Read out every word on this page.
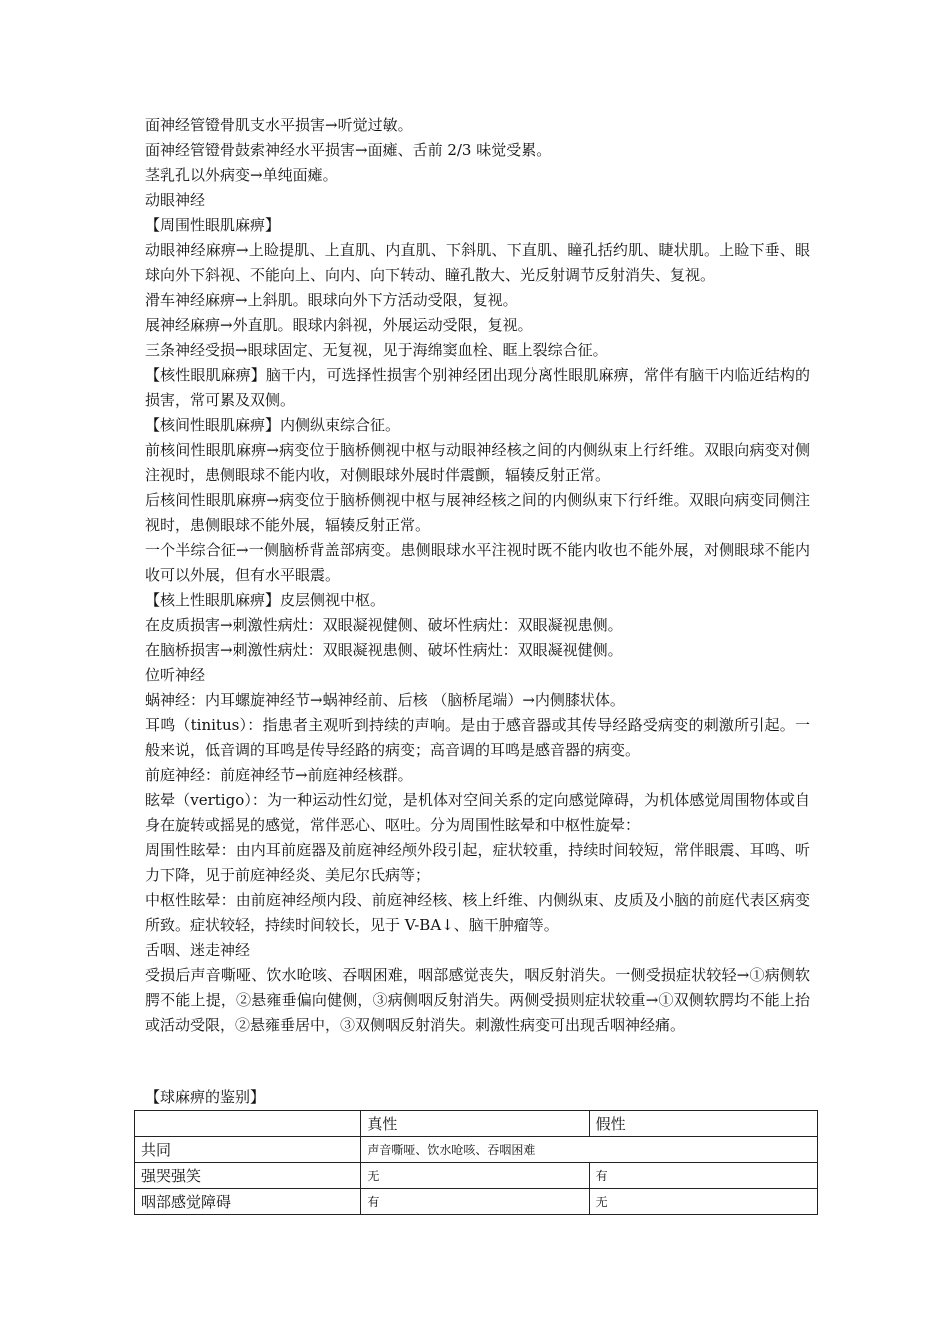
面神经管镫骨肌支水平损害→听觉过敏。
面神经管镫骨鼓索神经水平损害→面瘫、舌前 2/3 味觉受累。
茎乳孔以外病变→单纯面瘫。
动眼神经
【周围性眼肌麻痹】
动眼神经麻痹→上睑提肌、上直肌、内直肌、下斜肌、下直肌、瞳孔括约肌、睫状肌。上睑下垂、眼球向外下斜视、不能向上、向内、向下转动、瞳孔散大、光反射调节反射消失、复视。
滑车神经麻痹→上斜肌。眼球向外下方活动受限，复视。
展神经麻痹→外直肌。眼球内斜视，外展运动受限，复视。
三条神经受损→眼球固定、无复视，见于海绵窦血栓、眶上裂综合征。
【核性眼肌麻痹】脑干内，可选择性损害个别神经团出现分离性眼肌麻痹，常伴有脑干内临近结构的损害，常可累及双侧。
【核间性眼肌麻痹】内侧纵束综合征。
前核间性眼肌麻痹→病变位于脑桥侧视中枢与动眼神经核之间的内侧纵束上行纤维。双眼向病变对侧注视时，患侧眼球不能内收，对侧眼球外展时伴震颤，辐辏反射正常。
后核间性眼肌麻痹→病变位于脑桥侧视中枢与展神经核之间的内侧纵束下行纤维。双眼向病变同侧注视时，患侧眼球不能外展，辐辏反射正常。
一个半综合征→一侧脑桥背盖部病变。患侧眼球水平注视时既不能内收也不能外展，对侧眼球不能内收可以外展，但有水平眼震。
【核上性眼肌麻痹】皮层侧视中枢。
在皮质损害→刺激性病灶：双眼凝视健侧、破坏性病灶：双眼凝视患侧。
在脑桥损害→刺激性病灶：双眼凝视患侧、破坏性病灶：双眼凝视健侧。
位听神经
蜗神经：内耳螺旋神经节→蜗神经前、后核 （脑桥尾端）→内侧膝状体。
耳鸣（tinitus）：指患者主观听到持续的声响。是由于感音器或其传导经路受病变的刺激所引起。一般来说，低音调的耳鸣是传导经路的病变；高音调的耳鸣是感音器的病变。
前庭神经：前庭神经节→前庭神经核群。
眩晕（vertigo）：为一种运动性幻觉，是机体对空间关系的定向感觉障碍，为机体感觉周围物体或自身在旋转或摇晃的感觉，常伴恶心、呕吐。分为周围性眩晕和中枢性旋晕：
周围性眩晕：由内耳前庭器及前庭神经颅外段引起，症状较重，持续时间较短，常伴眼震、耳鸣、听力下降，见于前庭神经炎、美尼尔氏病等；
中枢性眩晕：由前庭神经颅内段、前庭神经核、核上纤维、内侧纵束、皮质及小脑的前庭代表区病变所致。症状较轻，持续时间较长，见于 V-BA↓、脑干肿瘤等。
舌咽、迷走神经
受损后声音嘶哑、饮水呛咳、吞咽困难，咽部感觉丧失，咽反射消失。一侧受损症状较轻→①病侧软腭不能上提，②悬雍垂偏向健侧，③病侧咽反射消失。两侧受损则症状较重→①双侧软腭均不能上抬或活动受限，②悬雍垂居中，③双侧咽反射消失。刺激性病变可出现舌咽神经痛。
【球麻痹的鉴别】
	真性	假性
共同	声音嘶哑、饮水呛咳、吞咽困难	
强哭强笑	无	有
咽部感觉障碍	有	无
